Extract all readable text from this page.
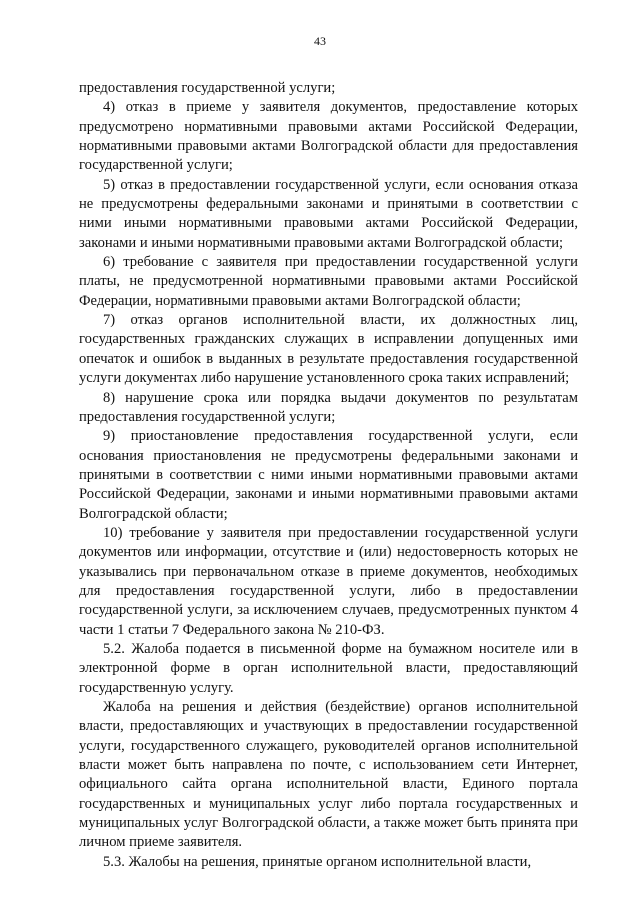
43

предоставления государственной услуги;

4) отказ в приеме у заявителя документов, предоставление которых предусмотрено нормативными правовыми актами Российской Федерации, нормативными правовыми актами Волгоградской области для предоставления государственной услуги;

5) отказ в предоставлении государственной услуги, если основания отказа не предусмотрены федеральными законами и принятыми в соответствии с ними иными нормативными правовыми актами Российской Федерации, законами и иными нормативными правовыми актами Волгоградской области;

6) требование с заявителя при предоставлении государственной услуги платы, не предусмотренной нормативными правовыми актами Российской Федерации, нормативными правовыми актами Волгоградской области;

7) отказ органов исполнительной власти, их должностных лиц, государственных гражданских служащих в исправлении допущенных ими опечаток и ошибок в выданных в результате предоставления государственной услуги документах либо нарушение установленного срока таких исправлений;

8) нарушение срока или порядка выдачи документов по результатам предоставления государственной услуги;

9) приостановление предоставления государственной услуги, если основания приостановления не предусмотрены федеральными законами и принятыми в соответствии с ними иными нормативными правовыми актами Российской Федерации, законами и иными нормативными правовыми актами Волгоградской области;

10) требование у заявителя при предоставлении государственной услуги документов или информации, отсутствие и (или) недостоверность которых не указывались при первоначальном отказе в приеме документов, необходимых для предоставления государственной услуги, либо в предоставлении государственной услуги, за исключением случаев, предусмотренных пунктом 4 части 1 статьи 7 Федерального закона № 210-ФЗ.

5.2. Жалоба подается в письменной форме на бумажном носителе или в электронной форме в орган исполнительной власти, предоставляющий государственную услугу.

Жалоба на решения и действия (бездействие) органов исполнительной власти, предоставляющих и участвующих в предоставлении государственной услуги, государственного служащего, руководителей органов исполнительной власти может быть направлена по почте, с использованием сети Интернет, официального сайта органа исполнительной власти, Единого портала государственных и муниципальных услуг либо портала государственных и муниципальных услуг Волгоградской области, а также может быть принята при личном приеме заявителя.

5.3. Жалобы на решения, принятые органом исполнительной власти,
